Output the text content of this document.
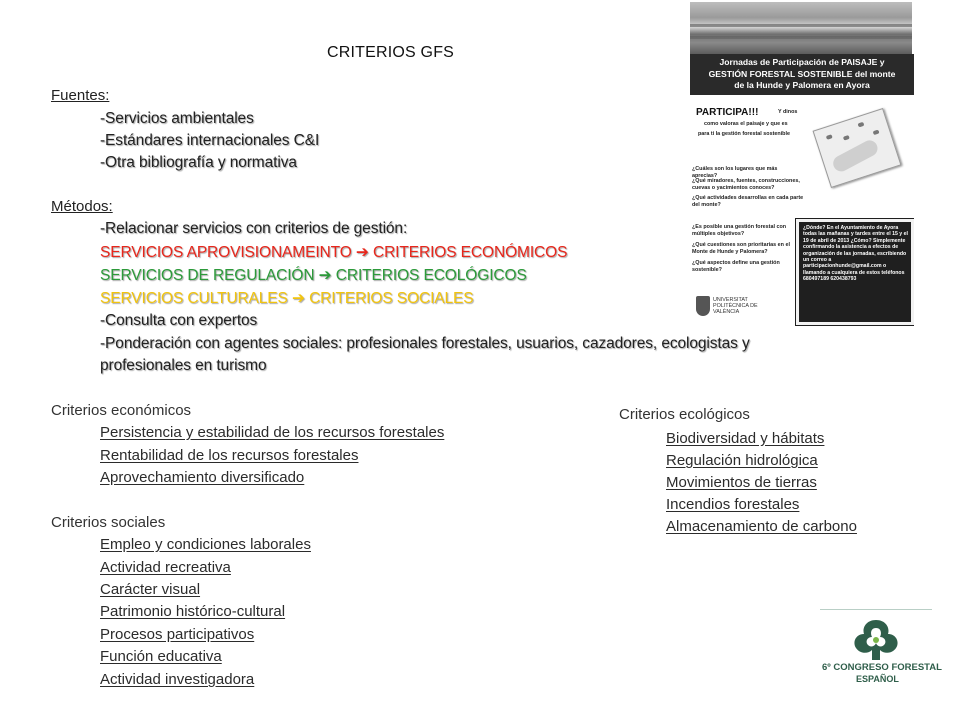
CRITERIOS GFS
Fuentes:
-Servicios ambientales
-Estándares internacionales C&I
-Otra bibliografía y normativa
Métodos:
-Relacionar servicios con criterios de gestión:
SERVICIOS APROVISIONAMEINTO ➔ CRITERIOS ECONÓMICOS
SERVICIOS DE REGULACIÓN ➔ CRITERIOS ECOLÓGICOS
SERVICIOS CULTURALES ➔ CRITERIOS SOCIALES
-Consulta con expertos
-Ponderación con agentes sociales: profesionales forestales, usuarios, cazadores, ecologistas y
profesionales en turismo
Criterios económicos
Persistencia y estabilidad de los recursos forestales
Rentabilidad de los recursos forestales
Aprovechamiento diversificado
Criterios sociales
Empleo y condiciones laborales
Actividad recreativa
Carácter visual
Patrimonio histórico-cultural
Procesos participativos
Función educativa
Actividad investigadora
Criterios ecológicos
Biodiversidad y hábitats
Regulación hidrológica
Movimientos de tierras
Incendios forestales
Almacenamiento de carbono
Jornadas de Participación de PAISAJE y
GESTIÓN FORESTAL SOSTENIBLE del monte
de la Hunde y Palomera en Ayora
PARTICIPA!!!	Y dinos
como valoras el paisaje y que es
para ti la gestión forestal sostenible
¿Cuáles son los lugares que más aprecias?
¿Qué miradores, fuentes, construcciones, cuevas o yacimientos conoces?
¿Qué actividades desarrollas en cada parte del monte?
¿Es posible una gestión forestal con múltiples objetivos?
¿Qué cuestiones son prioritarias en el Monte de Hunde y Palomera?
¿Qué aspectos define una gestión sostenible?
¿Dónde? En el Ayuntamiento de Ayora todas las mañanas y tardes entre el 15 y el 19 de abril de 2013 ¿Cómo? Simplemente confirmando la asistencia a efectos de organización de las jornadas, escribiendo un correo a participacionhunde@gmail.com o llamando a cualquiera de estos teléfonos 680497189 620438793
UNIVERSITAT POLITÈCNICA DE VALÈNCIA
6º CONGRESO FORESTAL
ESPAÑOL
